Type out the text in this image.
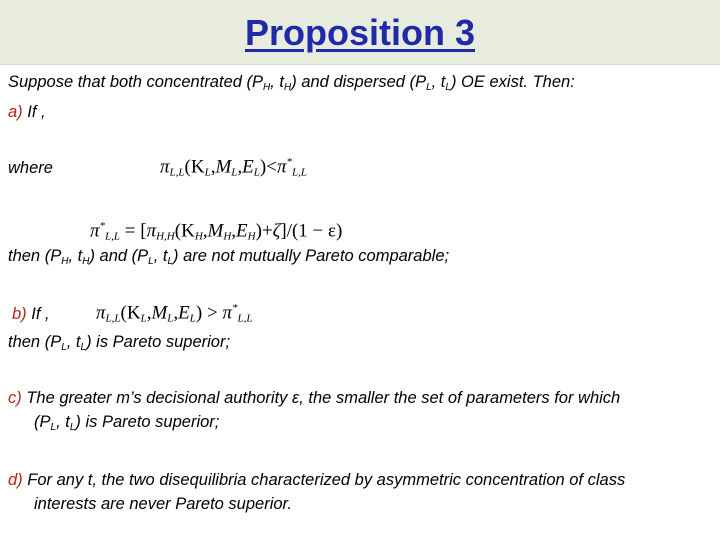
Proposition 3
Suppose that both concentrated ($P_H$, $t_H$) and dispersed ($P_L$, $t_L$) OE exist. Then:
a) If ,
where	$\pi_{L,L}(K_L,M_L,E_L)<\pi^*_{L,L}$
$\pi^*_{L,L} = [\pi_{H,H}(K_H,M_H,E_H)+\zeta]/(1 - \varepsilon)$
then ($P_H$, $t_H$) and ($P_L$, $t_L$) are not mutually Pareto comparable;
b) If , $\pi_{L,L}(K_L,M_L,E_L) > \pi^*_{L,L}$
then ($P_L$, $t_L$) is Pareto superior;
c) The greater m’s decisional authority ε, the smaller the set of parameters for which
($P_L$, $t_L$) is Pareto superior;
d) For any t, the two disequilibria characterized by asymmetric concentration of class
interests are never Pareto superior.
